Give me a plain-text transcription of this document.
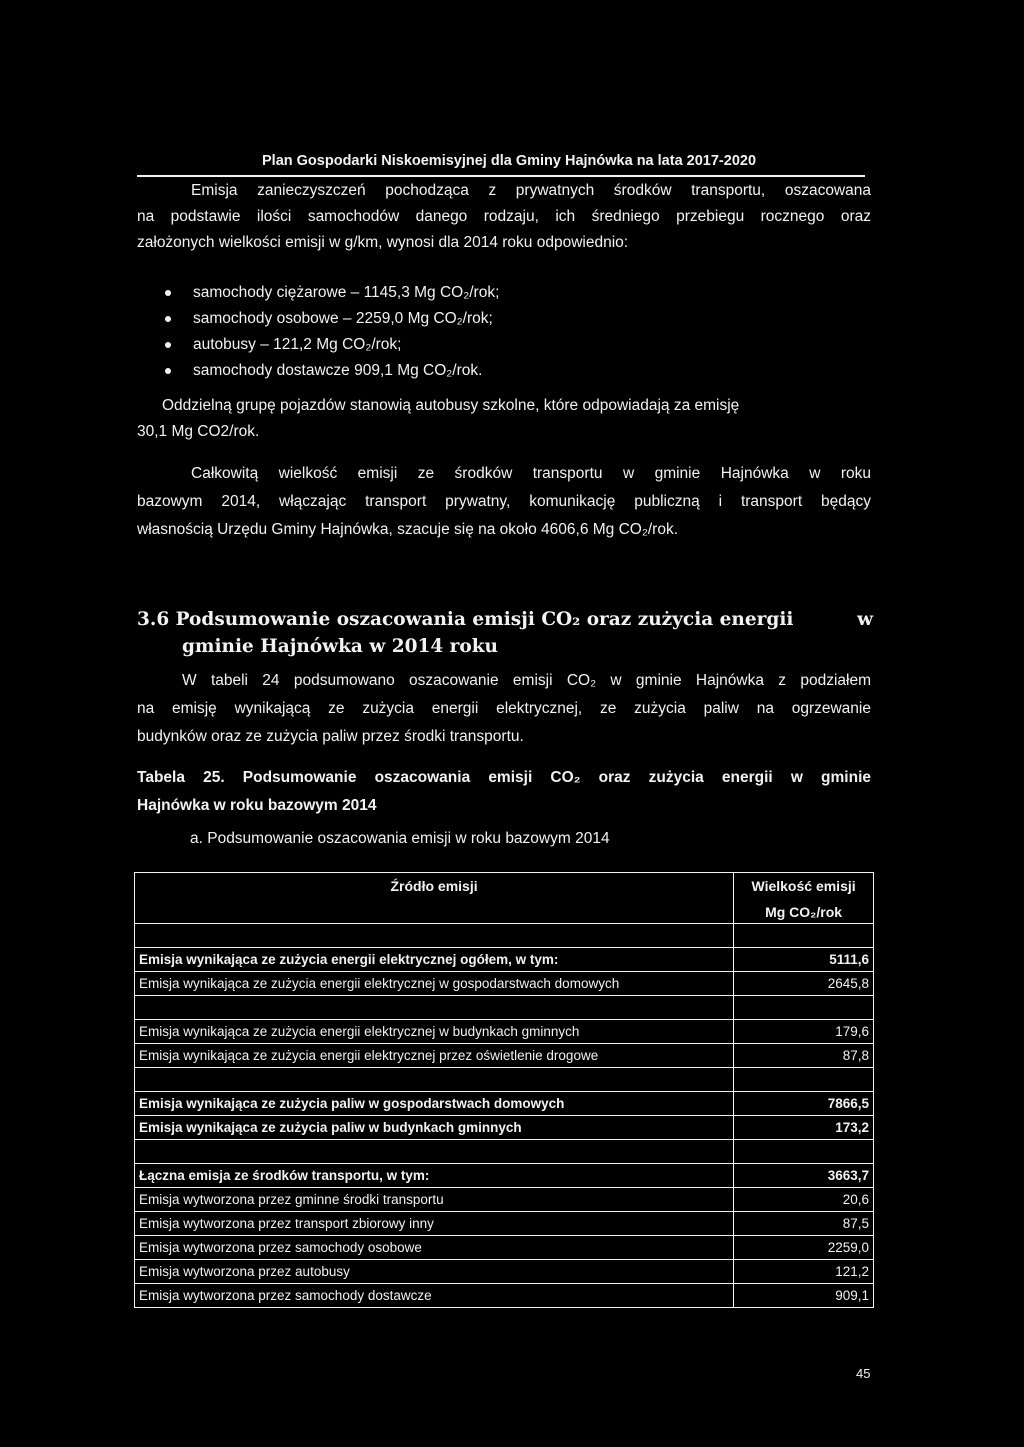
Plan Gospodarki Niskoemisyjnej dla Gminy Hajnówka na lata 2017-2020
Emisja zanieczyszczeń pochodząca z prywatnych środków transportu, oszacowana
na podstawie ilości samochodów danego rodzaju, ich średniego przebiegu rocznego oraz
założonych wielkości emisji w g/km, wynosi dla 2014 roku odpowiednio:
samochody ciężarowe – 1145,3 Mg CO₂/rok;
samochody osobowe – 2259,0 Mg CO₂/rok;
autobusy – 121,2 Mg CO₂/rok;
samochody dostawcze 909,1 Mg CO₂/rok.
Oddzielną grupę pojazdów stanowią autobusy szkolne, które odpowiadają za emisję
30,1 Mg CO2/rok.
Całkowitą wielkość emisji ze środków transportu w gminie Hajnówka w roku
bazowym 2014, włączając transport prywatny, komunikację publiczną i transport będący
własnością Urzędu Gminy Hajnówka, szacuje się na około 4606,6 Mg CO₂/rok.
3.6 Podsumowanie oszacowania emisji CO₂ oraz zużycia energii	w
gminie Hajnówka w 2014 roku
W tabeli 24 podsumowano oszacowanie emisji CO₂ w gminie Hajnówka z podziałem
na emisję wynikającą ze zużycia energii elektrycznej, ze zużycia paliw na ogrzewanie
budynków oraz ze zużycia paliw przez środki transportu.
Tabela 25. Podsumowanie oszacowania emisji CO₂ oraz zużycia energii w gminie
Hajnówka w roku bazowym 2014
a. Podsumowanie oszacowania emisji w roku bazowym 2014
Źródło emisji	Wielkość emisji
Mg CO₂/rok

Emisja wynikająca ze zużycia energii elektrycznej ogółem, w tym:	5111,6
Emisja wynikająca ze zużycia energii elektrycznej w gospodarstwach domowych	2645,8

Emisja wynikająca ze zużycia energii elektrycznej w budynkach gminnych	179,6
Emisja wynikająca ze zużycia energii elektrycznej przez oświetlenie drogowe	87,8

Emisja wynikająca ze zużycia paliw w gospodarstwach domowych	7866,5
Emisja wynikająca ze zużycia paliw w budynkach gminnych	173,2

Łączna emisja ze środków transportu, w tym:	3663,7
Emisja wytworzona przez gminne środki transportu	20,6
Emisja wytworzona przez transport zbiorowy inny	87,5
Emisja wytworzona przez samochody osobowe	2259,0
Emisja wytworzona przez autobusy	121,2
Emisja wytworzona przez samochody dostawcze	909,1
45
